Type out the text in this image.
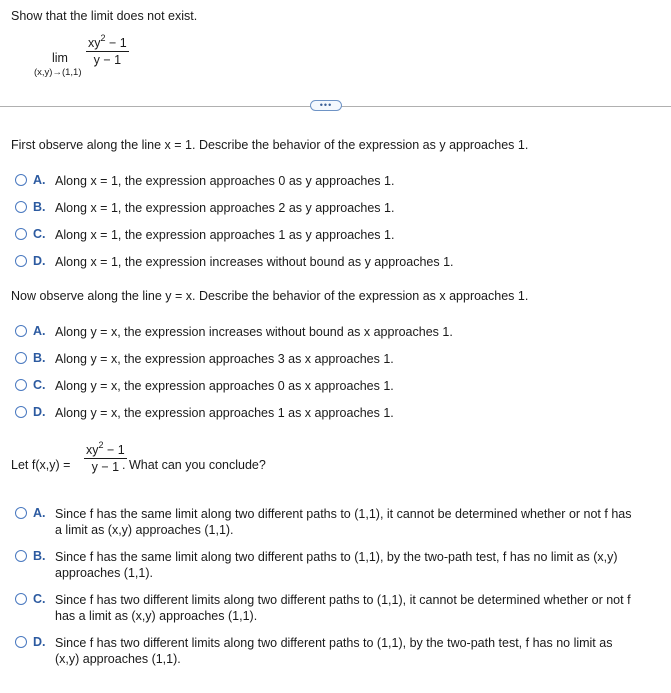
Show that the limit does not exist.
lim
(x,y)→(1,1)
$xy^2 - 1$
y − 1
•••
First observe along the line x = 1. Describe the behavior of the expression as y approaches 1.
A. Along x = 1, the expression approaches 0 as y approaches 1.
B. Along x = 1, the expression approaches 2 as y approaches 1.
C. Along x = 1, the expression approaches 1 as y approaches 1.
D. Along x = 1, the expression increases without bound as y approaches 1.
Now observe along the line y = x. Describe the behavior of the expression as x approaches 1.
A. Along y = x, the expression increases without bound as x approaches 1.
B. Along y = x, the expression approaches 3 as x approaches 1.
C. Along y = x, the expression approaches 0 as x approaches 1.
D. Along y = x, the expression approaches 1 as x approaches 1.
Let f(x,y) =
$xy^2 - 1$
y − 1 . What can you conclude?
A. Since f has the same limit along two different paths to (1,1), it cannot be determined whether or not f has
a limit as (x,y) approaches (1,1).
B. Since f has the same limit along two different paths to (1,1), by the two-path test, f has no limit as (x,y)
approaches (1,1).
C. Since f has two different limits along two different paths to (1,1), it cannot be determined whether or not f
has a limit as (x,y) approaches (1,1).
D. Since f has two different limits along two different paths to (1,1), by the two-path test, f has no limit as
(x,y) approaches (1,1).
